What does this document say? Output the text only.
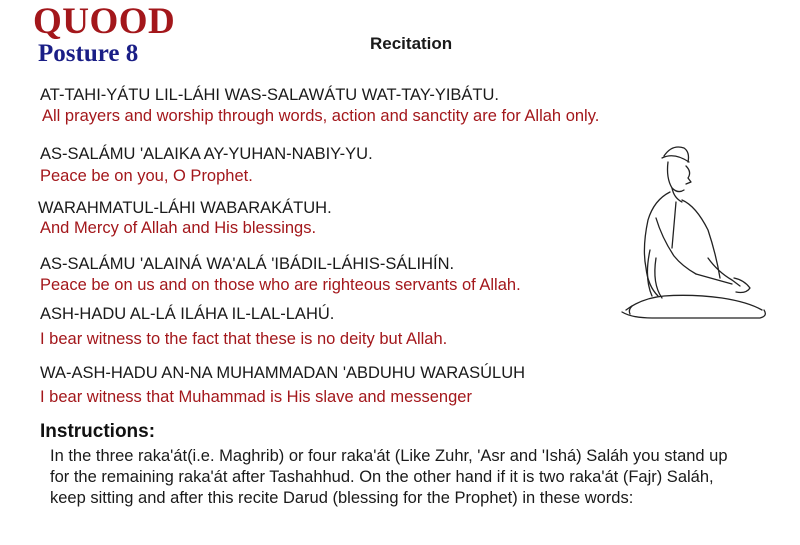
QUOOD
Posture 8	Recitation
AT-TAHI-YÁTU LIL-LÁHI WAS-SALAWÁTU WAT-TAY-YIBÁTU.
All prayers and worship through words, action and sanctity are for Allah only.
AS-SALÁMU 'ALAIKA AY-YUHAN-NABIY-YU.
Peace be on you, O Prophet.
WARAHMATUL-LÁHI WABARAKÁTUH.
And Mercy of Allah and His blessings.
AS-SALÁMU 'ALAINÁ WA'ALÁ 'IBÁDIL-LÁHIS-SÁLIHÍN.
Peace be on us and on those who are righteous servants of Allah.
ASH-HADU AL-LÁ ILÁHA IL-LAL-LAHÚ.
I bear witness to the fact that these is no deity but Allah.
WA-ASH-HADU AN-NA MUHAMMADAN 'ABDUHU WARASÚLUH
I bear witness that Muhammad is His slave and messenger
Instructions:
In the three raka'át(i.e. Maghrib) or four raka'át (Like Zuhr, 'Asr and 'Ishá) Saláh you stand up for the remaining raka'át after Tashahhud. On the other hand if it is two raka'át (Fajr) Saláh, keep sitting and after this recite Darud (blessing for the Prophet) in these words:
